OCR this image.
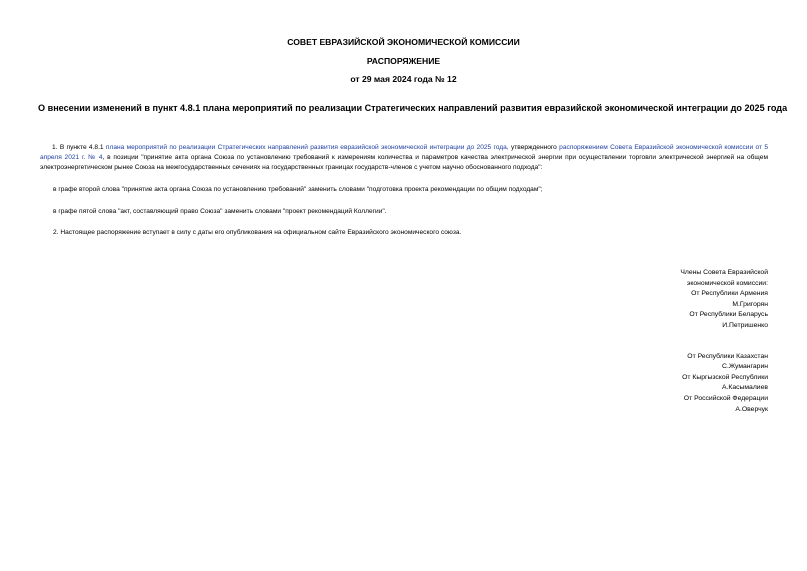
СОВЕТ ЕВРАЗИЙСКОЙ ЭКОНОМИЧЕСКОЙ КОМИССИИ
РАСПОРЯЖЕНИЕ
от 29 мая 2024 года № 12
О внесении изменений в пункт 4.8.1 плана мероприятий по реализации Стратегических направлений развития евразийской экономической интеграции до 2025 года
1. В пункте 4.8.1 плана мероприятий по реализации Стратегических направлений развития евразийской экономической интеграции до 2025 года, утвержденного распоряжением Совета Евразийской экономической комиссии от 5 апреля 2021 г. № 4, в позиции "принятие акта органа Союза по установлению требований к измерениям количества и параметров качества электрической энергии при осуществлении торговли электрической энергией на общем электроэнергетическом рынке Союза на межгосударственных сечениях на государственных границах государств-членов с учетом научно обоснованного подхода":
в графе второй слова "принятие акта органа Союза по установлению требований" заменить словами "подготовка проекта рекомендации по общим подходам";
в графе пятой слова "акт, составляющий право Союза" заменить словами "проект рекомендаций Коллегии".
2. Настоящее распоряжение вступает в силу с даты его опубликования на официальном сайте Евразийского экономического союза.
Члены Совета Евразийской
экономической комиссии:
От Республики Армения
М.Григорян
От Республики Беларусь
И.Петришенко
От Республики Казахстан
С.Жумангарин
От Кыргызской Республики
А.Касымалиев
От Российской Федерации
А.Оверчук
